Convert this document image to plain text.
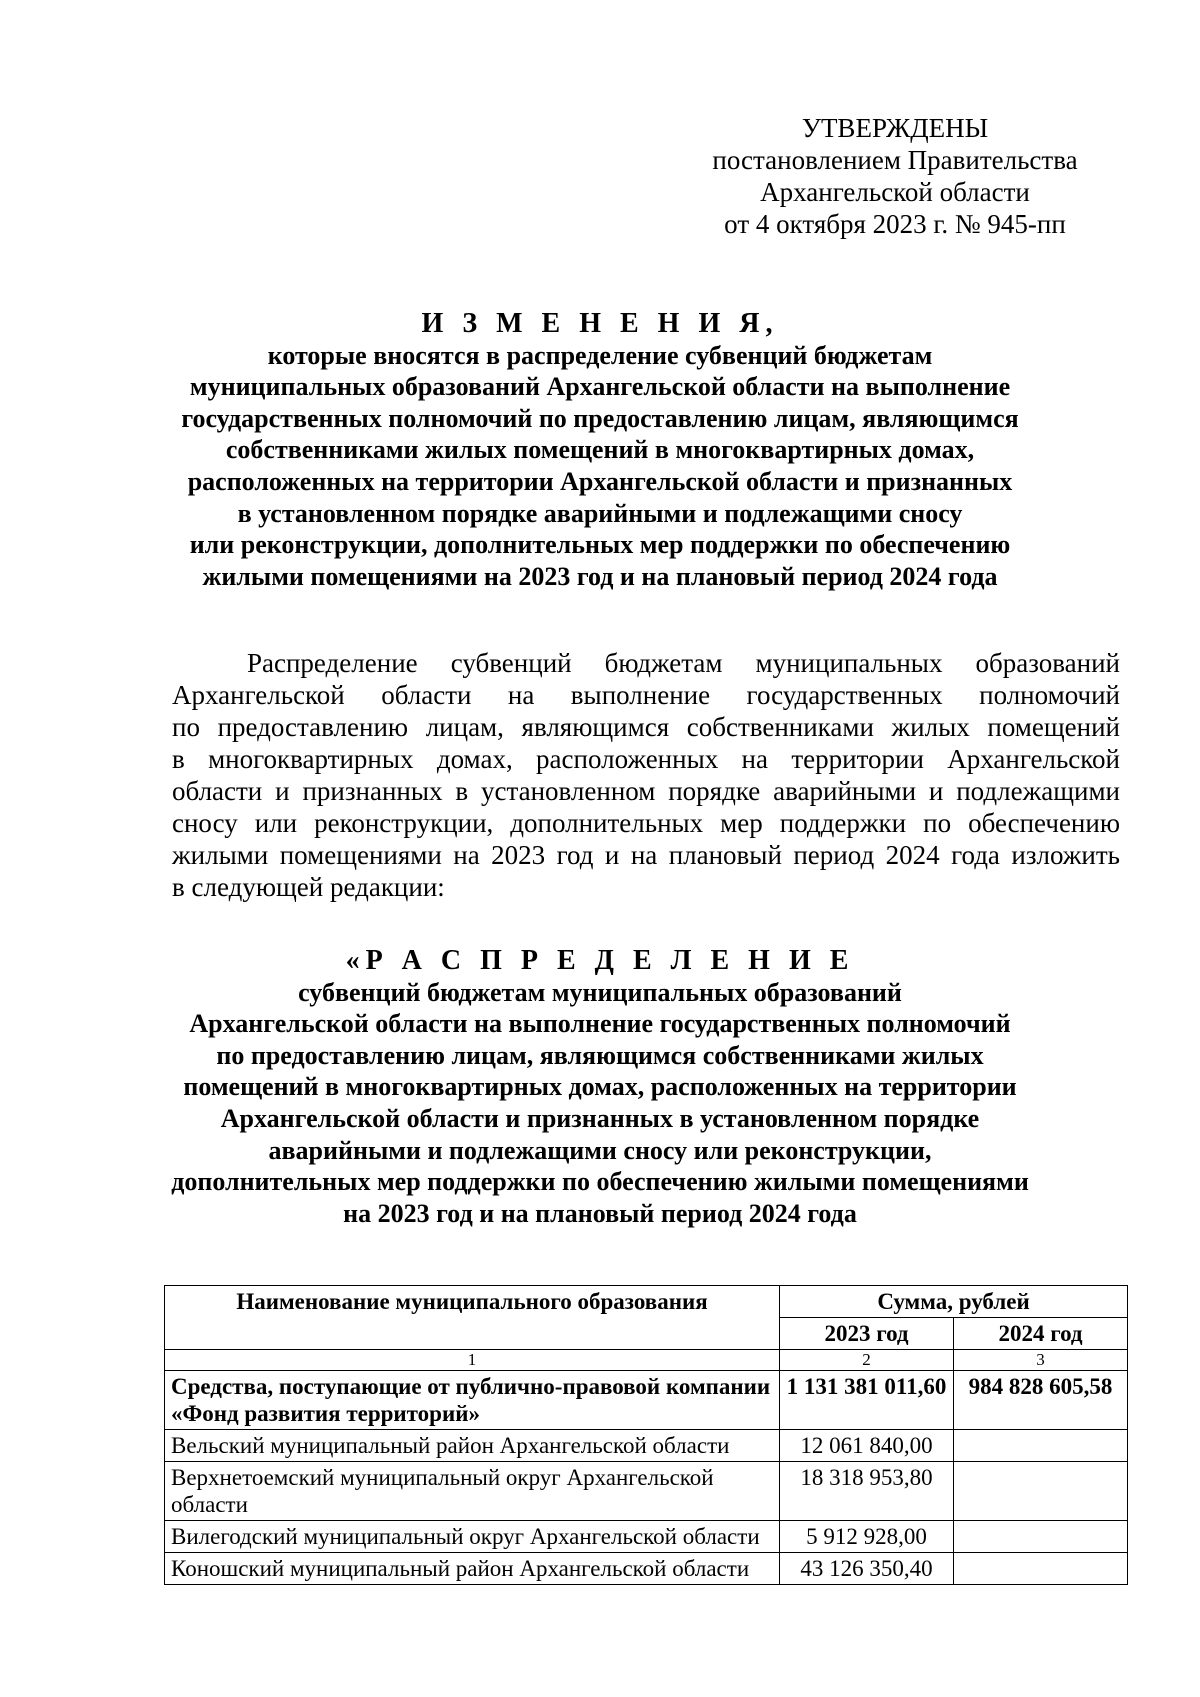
УТВЕРЖДЕНЫ
постановлением Правительства
Архангельской области
от 4 октября 2023 г. № 945-пп
И З М Е Н Е Н И Я,
которые вносятся в распределение субвенций бюджетам
муниципальных образований Архангельской области на выполнение
государственных полномочий по предоставлению лицам, являющимся
собственниками жилых помещений в многоквартирных домах,
расположенных на территории Архангельской области и признанных
в установленном порядке аварийными и подлежащими сносу
или реконструкции, дополнительных мер поддержки по обеспечению
жилыми помещениями на 2023 год и на плановый период 2024 года
Распределение субвенций бюджетам муниципальных образований
Архангельской области на выполнение государственных полномочий
по предоставлению лицам, являющимся собственниками жилых помещений
в многоквартирных домах, расположенных на территории Архангельской
области и признанных в установленном порядке аварийными и подлежащими
сносу или реконструкции, дополнительных мер поддержки по обеспечению
жилыми помещениями на 2023 год и на плановый период 2024 года изложить
в следующей редакции:
«Р А С П Р Е Д Е Л Е Н И Е
субвенций бюджетам муниципальных образований
Архангельской области на выполнение государственных полномочий
по предоставлению лицам, являющимся собственниками жилых
помещений в многоквартирных домах, расположенных на территории
Архангельской области и признанных в установленном порядке
аварийными и подлежащими сносу или реконструкции,
дополнительных мер поддержки по обеспечению жилыми помещениями
на 2023 год и на плановый период 2024 года
Наименование муниципального образования	Сумма, рублей	
	2023 год	2024 год
1	2	3
Средства, поступающие от публично-правовой компании «Фонд развития территорий»	1 131 381 011,60	984 828 605,58
Вельский муниципальный район Архангельской области	12 061 840,00	
Верхнетоемский муниципальный округ Архангельской области	18 318 953,80	
Вилегодский муниципальный округ Архангельской области	5 912 928,00	
Коношский муниципальный район Архангельской области	43 126 350,40	
